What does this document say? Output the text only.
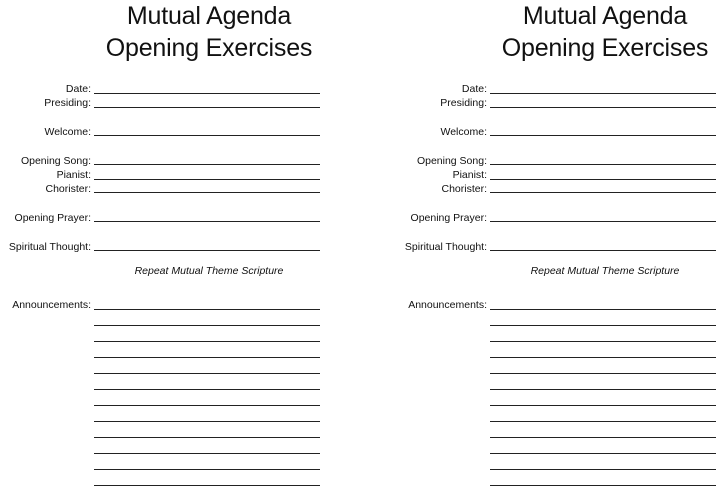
Mutual Agenda
Opening Exercises
Date:
Presiding:
Welcome:
Opening Song:
Pianist:
Chorister:
Opening Prayer:
Spiritual Thought:
Repeat Mutual Theme Scripture
Announcements:
Mutual Agenda
Opening Exercises
Date:
Presiding:
Welcome:
Opening Song:
Pianist:
Chorister:
Opening Prayer:
Spiritual Thought:
Repeat Mutual Theme Scripture
Announcements:
